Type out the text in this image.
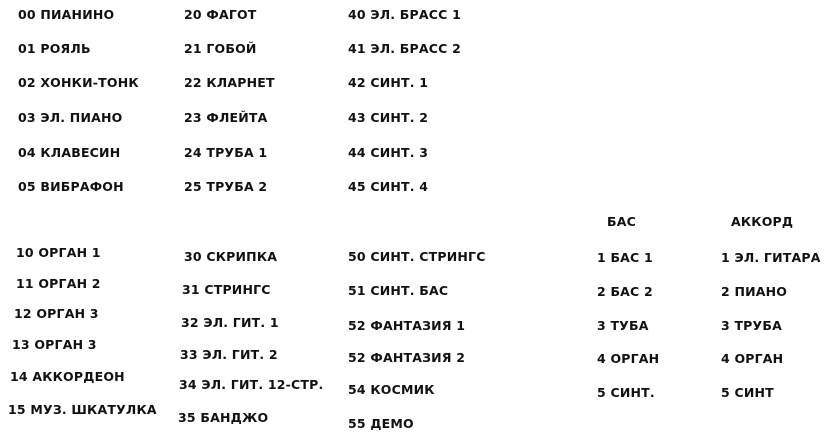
00 ПИАНИНО
01 РОЯЛЬ
02 ХОНКИ-ТОНК
03 ЭЛ. ПИАНО
04 КЛАВЕСИН
05 ВИБРАФОН
20 ФАГОТ
21 ГОБОЙ
22 КЛАРНЕТ
23 ФЛЕЙТА
24 ТРУБА 1
25 ТРУБА 2
40 ЭЛ. БРАСС 1
41 ЭЛ. БРАСС 2
42 СИНТ. 1
43 СИНТ. 2
44 СИНТ. 3
45 СИНТ. 4
10 ОРГАН 1
11 ОРГАН 2
12 ОРГАН 3
13 ОРГАН 3
14 АККОРДЕОН
15 МУЗ. ШКАТУЛКА
30 СКРИПКА
31 СТРИНГС
32 ЭЛ. ГИТ. 1
33 ЭЛ. ГИТ. 2
34 ЭЛ. ГИТ. 12-СТР.
35 БАНДЖО
50 СИНТ. СТРИНГС
51 СИНТ. БАС
52 ФАНТАЗИЯ 1
52 ФАНТАЗИЯ 2
54 КОСМИК
55 ДЕМО
БАС
1 БАС 1
2 БАС 2
3 ТУБА
4 ОРГАН
5 СИНТ.
АККОРД
1 ЭЛ. ГИТАРА
2 ПИАНО
3 ТРУБА
4 ОРГАН
5 СИНТ
